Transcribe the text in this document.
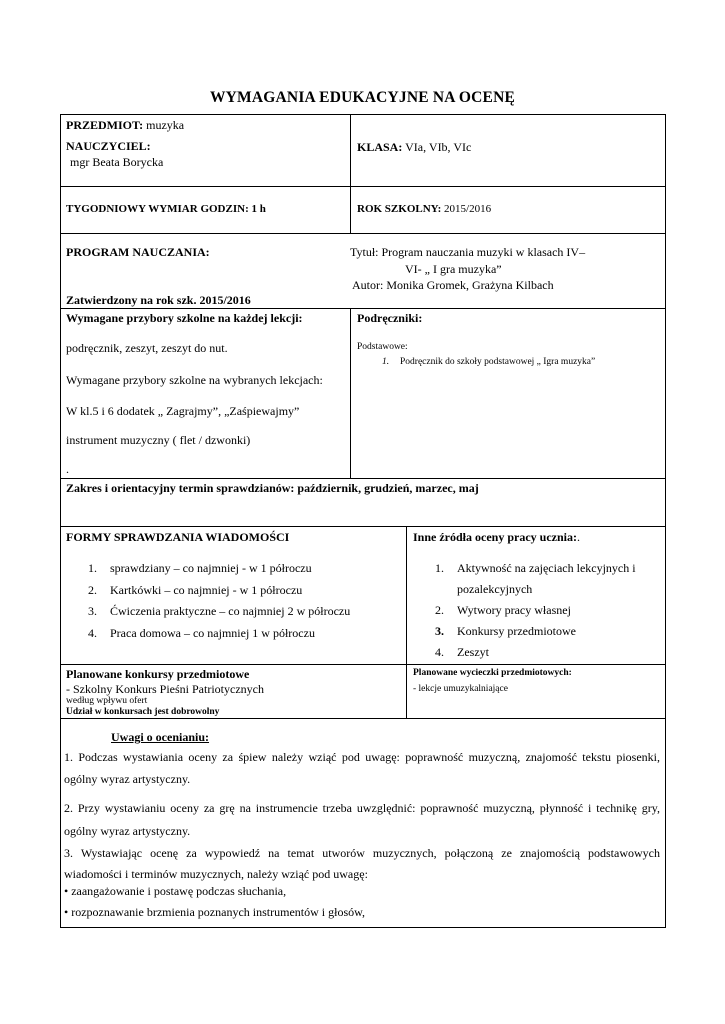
WYMAGANIA EDUKACYJNE NA OCENĘ
PRZEDMIOT: muzyka
NAUCZYCIEL:
mgr Beata Borycka
KLASA: VIa, VIb, VIc
TYGODNIOWY WYMIAR GODZIN: 1 h	ROK SZKOLNY: 2015/2016
PROGRAM NAUCZANIA:	Tytuł: Program nauczania muzyki w klasach IV–
VI- „ I gra muzyka”
Autor: Monika Gromek, Grażyna Kilbach
Zatwierdzony na rok szk. 2015/2016
Wymagane przybory szkolne na każdej lekcji:
podręcznik, zeszyt, zeszyt do nut.
Wymagane przybory szkolne na wybranych lekcjach:
W kl.5 i 6 dodatek „ Zagrajmy”, „Zaśpiewajmy”
instrument muzyczny ( flet / dzwonki)
.
Podręczniki:
Podstawowe:
1. Podręcznik do szkoły podstawowej „ Igra muzyka”
Zakres i orientacyjny termin sprawdzianów: październik, grudzień, marzec, maj
FORMY SPRAWDZANIA WIADOMOŚCI
1. sprawdziany – co najmniej - w 1 półroczu
2. Kartkówki – co najmniej - w 1 półroczu
3. Ćwiczenia praktyczne – co najmniej 2 w półroczu
4. Praca domowa – co najmniej 1 w półroczu
Inne źródła oceny pracy ucznia:.
1. Aktywność na zajęciach lekcyjnych i
pozalekcyjnych
2. Wytwory pracy własnej
3. Konkursy przedmiotowe
4. Zeszyt
Planowane konkursy przedmiotowe
- Szkolny Konkurs Pieśni Patriotycznych
według wpływu ofert
Udział w konkursach jest dobrowolny
Planowane wycieczki przedmiotowych:
- lekcje umuzykalniające
Uwagi o ocenianiu:
1. Podczas wystawiania oceny za śpiew należy wziąć pod uwagę: poprawność muzyczną, znajomość tekstu piosenki, ogólny wyraz artystyczny.
2. Przy wystawianiu oceny za grę na instrumencie trzeba uwzględnić: poprawność muzyczną, płynność i technikę gry, ogólny wyraz artystyczny.
3. Wystawiając ocenę za wypowiedź na temat utworów muzycznych, połączoną ze znajomością podstawowych wiadomości i terminów muzycznych, należy wziąć pod uwagę:
• zaangażowanie i postawę podczas słuchania,
• rozpoznawanie brzmienia poznanych instrumentów i głosów,
